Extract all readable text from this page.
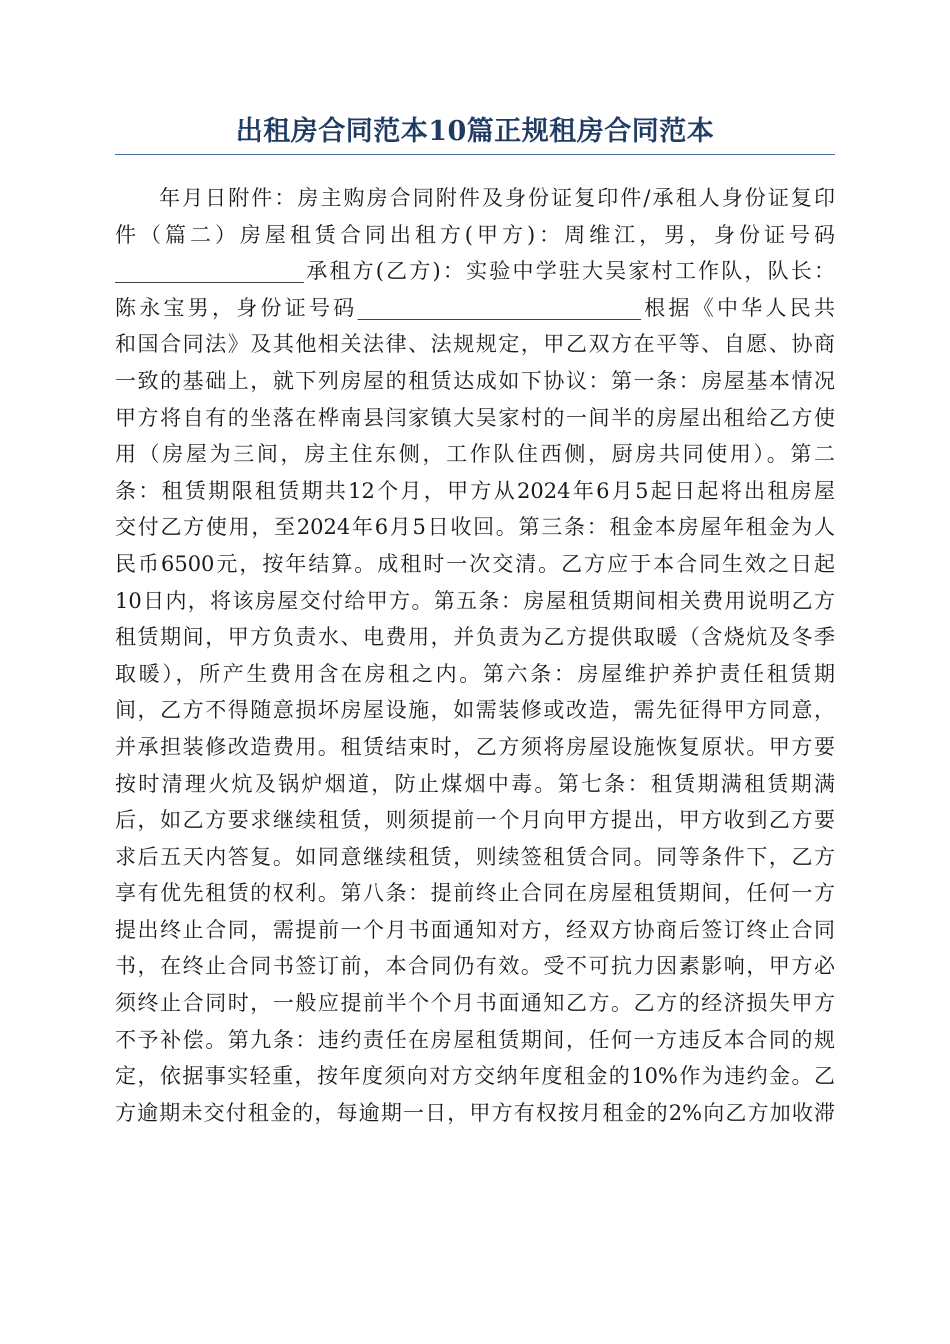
出租房合同范本10篇正规租房合同范本
年月日附件：房主购房合同附件及身份证复印件/承租人身份证复印
件（篇二）房屋租赁合同出租方(甲方)：周维江，男，身份证号码
__________________承租方(乙方)：实验中学驻大吴家村工作队，队长：
陈永宝男，身份证号码___________________________根据《中华人民共
和国合同法》及其他相关法律、法规规定，甲乙双方在平等、自愿、协商
一致的基础上，就下列房屋的租赁达成如下协议：第一条：房屋基本情况
甲方将自有的坐落在桦南县闫家镇大吴家村的一间半的房屋出租给乙方使
用（房屋为三间，房主住东侧，工作队住西侧，厨房共同使用）。第二
条：租赁期限租赁期共12个月，甲方从2024年6月5起日起将出租房屋
交付乙方使用，至2024年6月5日收回。第三条：租金本房屋年租金为人
民币6500元，按年结算。成租时一次交清。乙方应于本合同生效之日起
10日内，将该房屋交付给甲方。第五条：房屋租赁期间相关费用说明乙方
租赁期间，甲方负责水、电费用，并负责为乙方提供取暖（含烧炕及冬季
取暖），所产生费用含在房租之内。第六条：房屋维护养护责任租赁期
间，乙方不得随意损坏房屋设施，如需装修或改造，需先征得甲方同意，
并承担装修改造费用。租赁结束时，乙方须将房屋设施恢复原状。甲方要
按时清理火炕及锅炉烟道，防止煤烟中毒。第七条：租赁期满租赁期满
后，如乙方要求继续租赁，则须提前一个月向甲方提出，甲方收到乙方要
求后五天内答复。如同意继续租赁，则续签租赁合同。同等条件下，乙方
享有优先租赁的权利。第八条：提前终止合同在房屋租赁期间，任何一方
提出终止合同，需提前一个月书面通知对方，经双方协商后签订终止合同
书，在终止合同书签订前，本合同仍有效。受不可抗力因素影响，甲方必
须终止合同时，一般应提前半个个月书面通知乙方。乙方的经济损失甲方
不予补偿。第九条：违约责任在房屋租赁期间，任何一方违反本合同的规
定，依据事实轻重，按年度须向对方交纳年度租金的10%作为违约金。乙
方逾期未交付租金的，每逾期一日，甲方有权按月租金的2%向乙方加收滞
